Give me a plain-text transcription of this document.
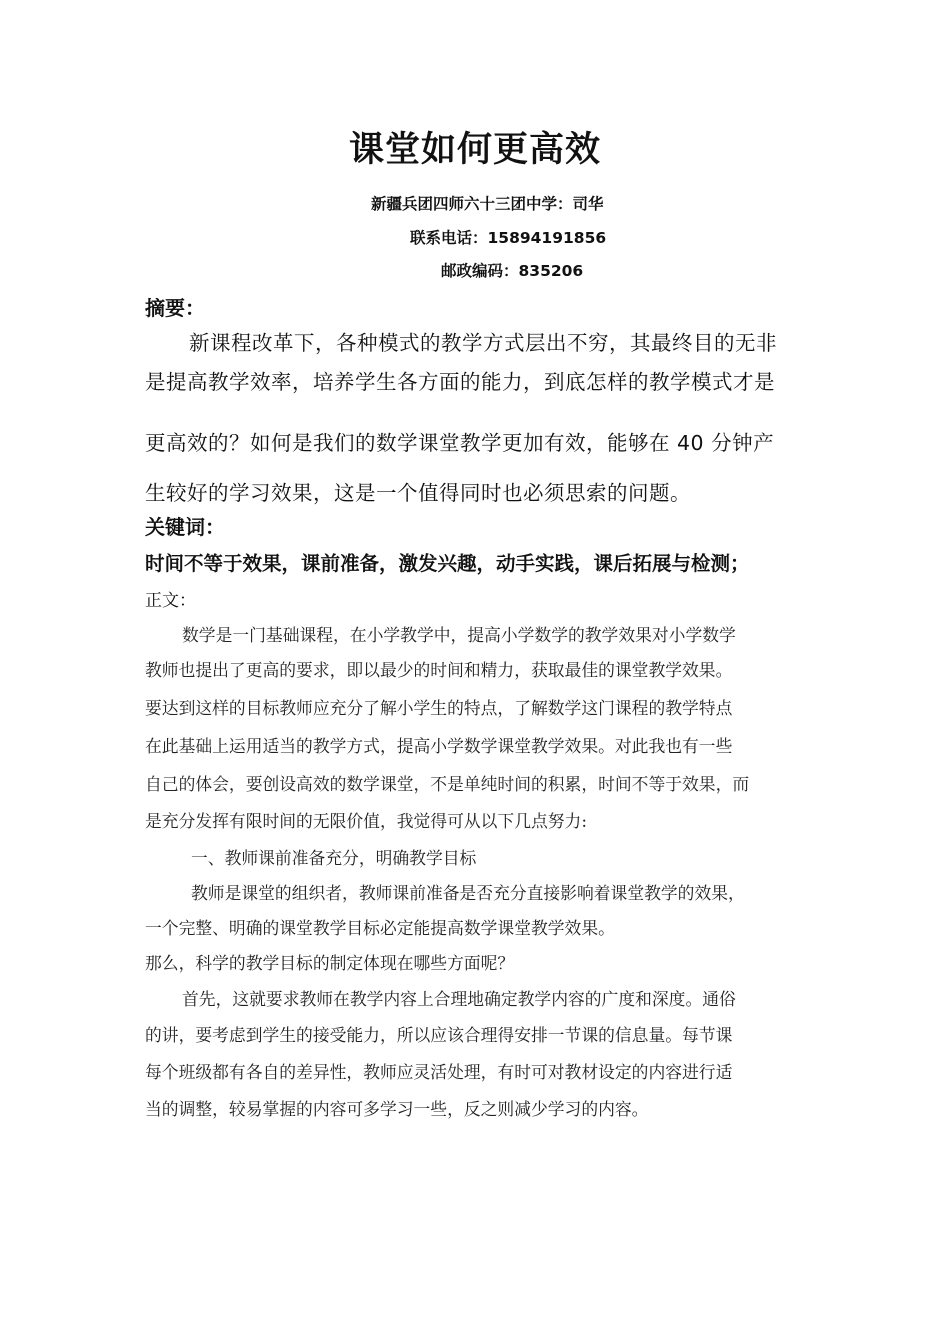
课堂如何更高效
新疆兵团四师六十三团中学：司华
联系电话：15894191856
邮政编码：835206
摘要：
新课程改革下，各种模式的教学方式层出不穷，其最终目的无非
是提高教学效率，培养学生各方面的能力，到底怎样的教学模式才是
更高效的？如何是我们的数学课堂教学更加有效，能够在 40 分钟产
生较好的学习效果，这是一个值得同时也必须思索的问题。
关键词：
时间不等于效果，课前准备，激发兴趣，动手实践，课后拓展与检测；
正文：
数学是一门基础课程，在小学教学中，提高小学数学的教学效果对小学数学
教师也提出了更高的要求，即以最少的时间和精力，获取最佳的课堂教学效果。
要达到这样的目标教师应充分了解小学生的特点，了解数学这门课程的教学特点
在此基础上运用适当的教学方式，提高小学数学课堂教学效果。对此我也有一些
自己的体会，要创设高效的数学课堂，不是单纯时间的积累，时间不等于效果，而
是充分发挥有限时间的无限价值，我觉得可从以下几点努力:
一、教师课前准备充分，明确教学目标
教师是课堂的组织者，教师课前准备是否充分直接影响着课堂教学的效果，
一个完整、明确的课堂教学目标必定能提高数学课堂教学效果。
那么，科学的教学目标的制定体现在哪些方面呢？
首先，这就要求教师在教学内容上合理地确定教学内容的广度和深度。通俗
的讲，要考虑到学生的接受能力，所以应该合理得安排一节课的信息量。每节课
每个班级都有各自的差异性，教师应灵活处理，有时可对教材设定的内容进行适
当的调整，较易掌握的内容可多学习一些，反之则减少学习的内容。
